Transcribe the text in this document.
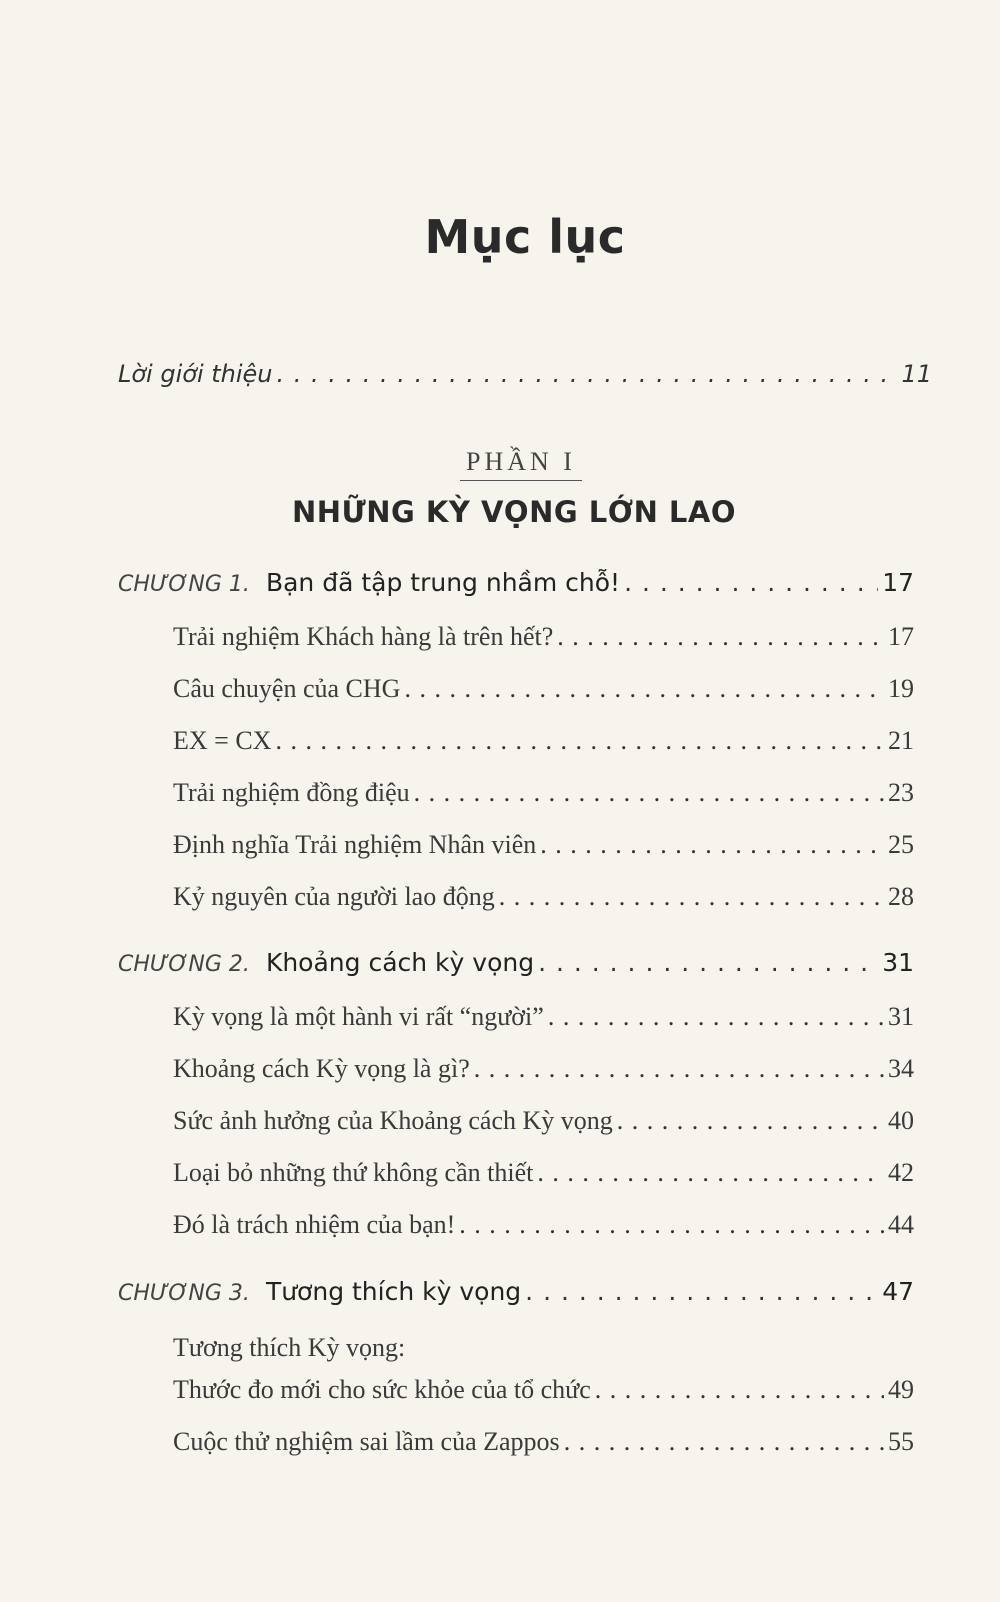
Mục lục
Lời giới thiệu . . .	11
PHẦN I
NHỮNG KỲ VỌNG LỚN LAO
CHƯƠNG 1. Bạn đã tập trung nhầm chỗ! . . .	17
Trải nghiệm Khách hàng là trên hết? . . .	17
Câu chuyện của CHG . . .	19
EX = CX . . .	21
Trải nghiệm đồng điệu . . .	23
Định nghĩa Trải nghiệm Nhân viên . . .	25
Kỷ nguyên của người lao động . . .	28
CHƯƠNG 2. Khoảng cách kỳ vọng . . .	31
Kỳ vọng là một hành vi rất “người” . . .	31
Khoảng cách Kỳ vọng là gì? . . .	34
Sức ảnh hưởng của Khoảng cách Kỳ vọng . . .	40
Loại bỏ những thứ không cần thiết . . .	42
Đó là trách nhiệm của bạn! . . .	44
CHƯƠNG 3. Tương thích kỳ vọng . . .	47
Tương thích Kỳ vọng:
Thước đo mới cho sức khỏe của tổ chức . . .	49
Cuộc thử nghiệm sai lầm của Zappos . . .	55
